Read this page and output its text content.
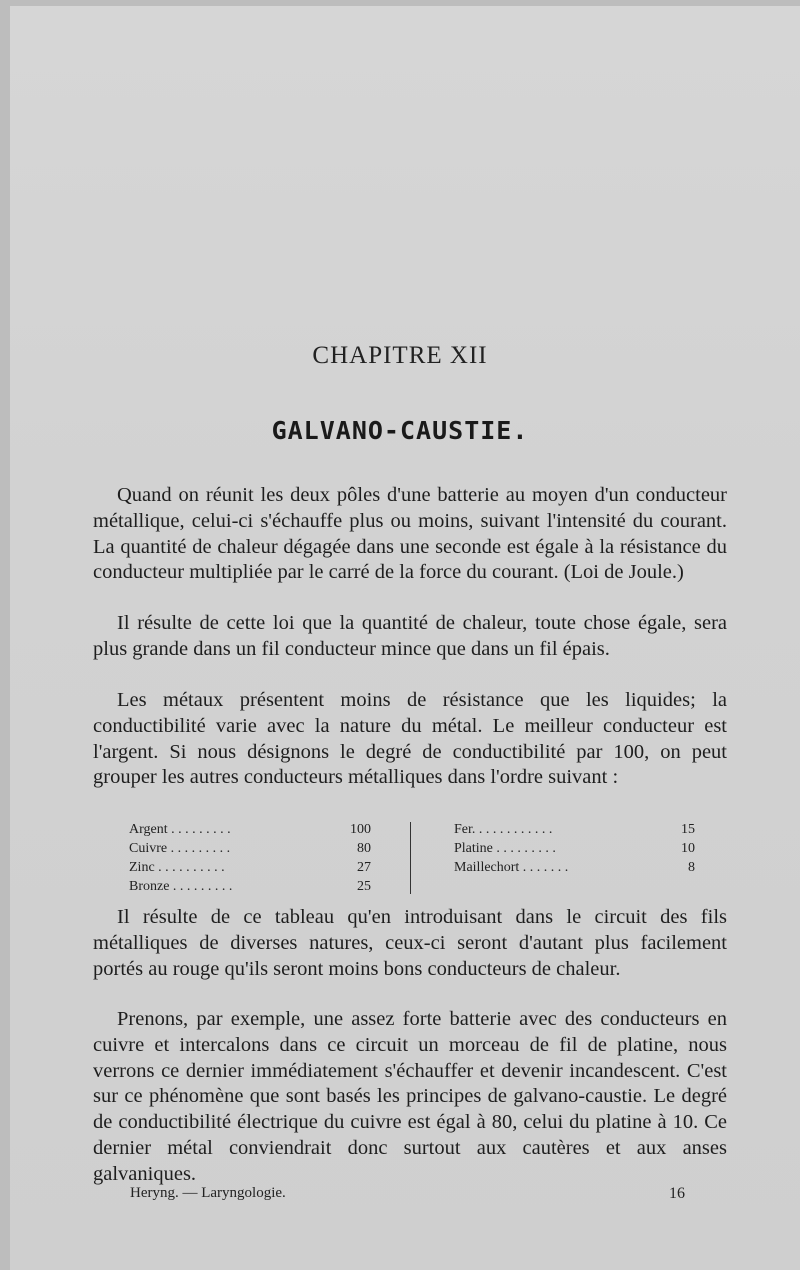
CHAPITRE XII
GALVANO-CAUSTIE.

Quand on réunit les deux pôles d'une batterie au moyen d'un conducteur métallique, celui-ci s'échauffe plus ou moins, suivant l'intensité du courant. La quantité de chaleur dégagée dans une seconde est égale à la résistance du conducteur multipliée par le carré de la force du courant. (Loi de Joule.)

Il résulte de cette loi que la quantité de chaleur, toute chose égale, sera plus grande dans un fil conducteur mince que dans un fil épais.

Les métaux présentent moins de résistance que les liquides; la conductibilité varie avec la nature du métal. Le meilleur conducteur est l'argent. Si nous désignons le degré de conductibilité par 100, on peut grouper les autres conducteurs métalliques dans l'ordre suivant :

Argent . . . . . . . . .	100
Cuivre . . . . . . . . .	80
Zinc . . . . . . . . . .	27
Bronze . . . . . . . . .	25
Fer. . . . . . . . . . . .	15
Platine . . . . . . . . .	10
Maillechort . . . . . . .	8

Il résulte de ce tableau qu'en introduisant dans le circuit des fils métalliques de diverses natures, ceux-ci seront d'autant plus facilement portés au rouge qu'ils seront moins bons conducteurs de chaleur.

Prenons, par exemple, une assez forte batterie avec des conducteurs en cuivre et intercalons dans ce circuit un morceau de fil de platine, nous verrons ce dernier immédiatement s'échauffer et devenir incandescent. C'est sur ce phénomène que sont basés les principes de galvano-caustie. Le degré de conductibilité électrique du cuivre est égal à 80, celui du platine à 10. Ce dernier métal conviendrait donc surtout aux cautères et aux anses galvaniques.

Heryng. — Laryngologie.	16
